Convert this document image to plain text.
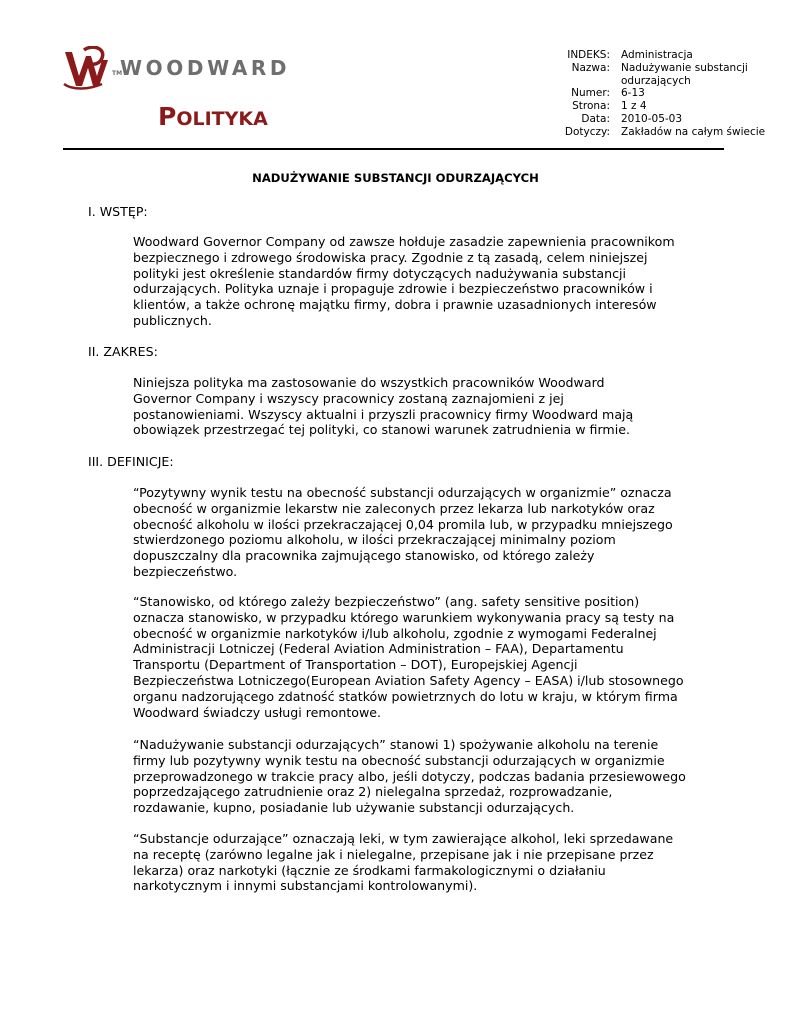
TM
WOODWARD
POLITYKA
INDEKS:	Administracja
Nazwa:	Nadużywanie substancji
odurzających
Numer:	6-13
Strona:	1 z 4
Data:	2010-05-03
Dotyczy:	Zakładów na całym świecie
NADUŻYWANIE SUBSTANCJI ODURZAJĄCYCH
I. WSTĘP:

Woodward Governor Company od zawsze hołduje zasadzie zapewnienia pracownikom

bezpiecznego i zdrowego środowiska pracy. Zgodnie z tą zasadą, celem niniejszej

polityki jest określenie standardów firmy dotyczących nadużywania substancji

odurzających. Polityka uznaje i propaguje zdrowie i bezpieczeństwo pracowników i

klientów, a także ochronę majątku firmy, dobra i prawnie uzasadnionych interesów

publicznych.

II. ZAKRES:

Niniejsza polityka ma zastosowanie do wszystkich pracowników Woodward

Governor Company i wszyscy pracownicy zostaną zaznajomieni z jej

postanowieniami. Wszyscy aktualni i przyszli pracownicy firmy Woodward mają

obowiązek przestrzegać tej polityki, co stanowi warunek zatrudnienia w firmie.

III. DEFINICJE:

“Pozytywny wynik testu na obecność substancji odurzających w organizmie” oznacza

obecność w organizmie lekarstw nie zaleconych przez lekarza lub narkotyków oraz

obecność alkoholu w ilości przekraczającej 0,04 promila lub, w przypadku mniejszego

stwierdzonego poziomu alkoholu, w ilości przekraczającej minimalny poziom

dopuszczalny dla pracownika zajmującego stanowisko, od którego zależy

bezpieczeństwo.

“Stanowisko, od którego zależy bezpieczeństwo” (ang. safety sensitive position)

oznacza stanowisko, w przypadku którego warunkiem wykonywania pracy są testy na

obecność w organizmie narkotyków i/lub alkoholu, zgodnie z wymogami Federalnej

Administracji Lotniczej (Federal Aviation Administration – FAA), Departamentu

Transportu (Department of Transportation – DOT), Europejskiej Agencji

Bezpieczeństwa Lotniczego(European Aviation Safety Agency – EASA) i/lub stosownego

organu nadzorującego zdatność statków powietrznych do lotu w kraju, w którym firma

Woodward świadczy usługi remontowe.

“Nadużywanie substancji odurzających” stanowi 1) spożywanie alkoholu na terenie

firmy lub pozytywny wynik testu na obecność substancji odurzających w organizmie

przeprowadzonego w trakcie pracy albo, jeśli dotyczy, podczas badania przesiewowego

poprzedzającego zatrudnienie oraz 2) nielegalna sprzedaż, rozprowadzanie,

rozdawanie, kupno, posiadanie lub używanie substancji odurzających.

“Substancje odurzające” oznaczają leki, w tym zawierające alkohol, leki sprzedawane

na receptę (zarówno legalne jak i nielegalne, przepisane jak i nie przepisane przez

lekarza) oraz narkotyki (łącznie ze środkami farmakologicznymi o działaniu

narkotycznym i innymi substancjami kontrolowanymi).
